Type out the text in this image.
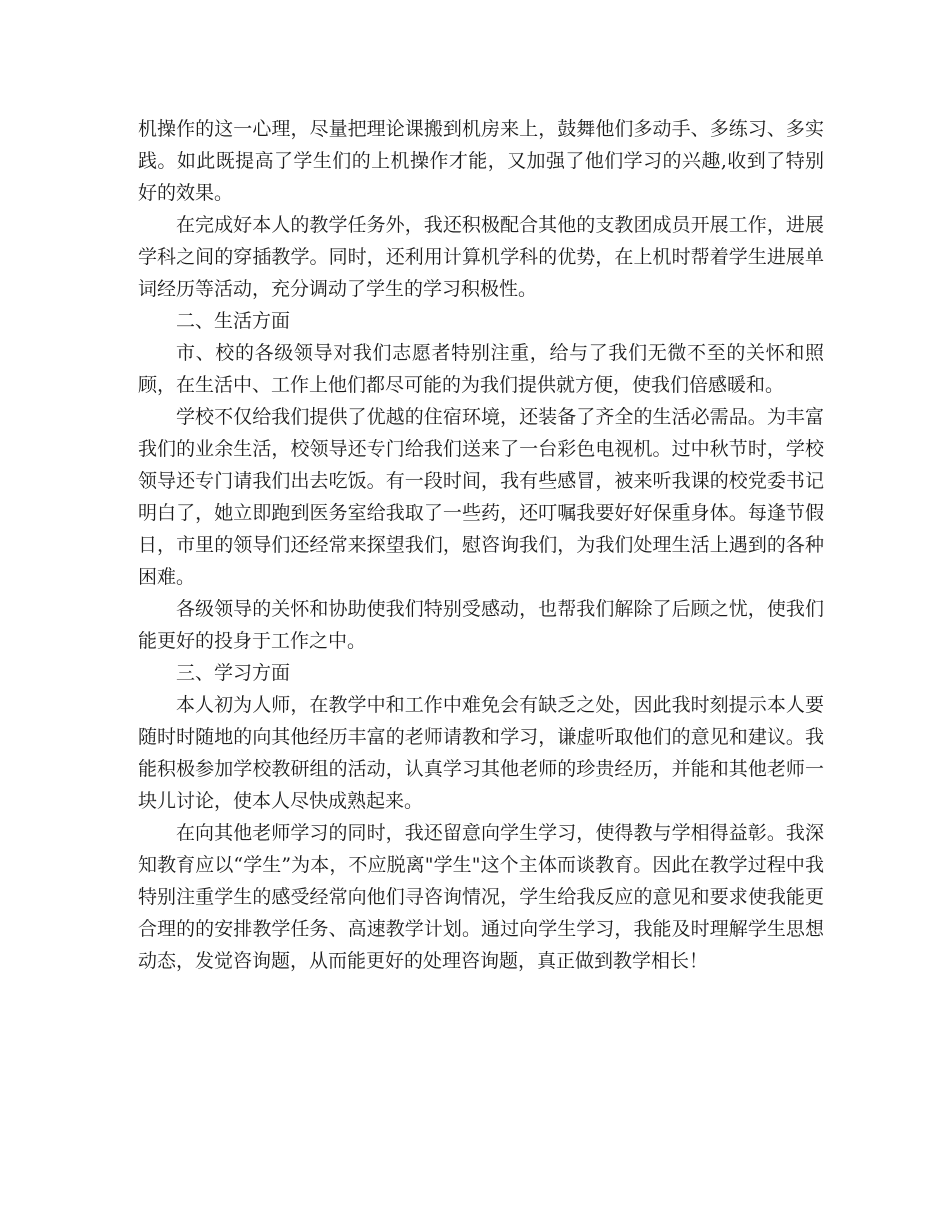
机操作的这一心理，尽量把理论课搬到机房来上，鼓舞他们多动手、多练习、多实践。如此既提高了学生们的上机操作才能，又加强了他们学习的兴趣,收到了特别好的效果。

在完成好本人的教学任务外，我还积极配合其他的支教团成员开展工作，进展学科之间的穿插教学。同时，还利用计算机学科的优势，在上机时帮着学生进展单词经历等活动，充分调动了学生的学习积极性。

二、生活方面

市、校的各级领导对我们志愿者特别注重，给与了我们无微不至的关怀和照顾，在生活中、工作上他们都尽可能的为我们提供就方便，使我们倍感暖和。

学校不仅给我们提供了优越的住宿环境，还装备了齐全的生活必需品。为丰富我们的业余生活，校领导还专门给我们送来了一台彩色电视机。过中秋节时，学校领导还专门请我们出去吃饭。有一段时间，我有些感冒，被来听我课的校党委书记明白了，她立即跑到医务室给我取了一些药，还叮嘱我要好好保重身体。每逢节假日，市里的领导们还经常来探望我们，慰咨询我们，为我们处理生活上遇到的各种困难。

各级领导的关怀和协助使我们特别受感动，也帮我们解除了后顾之忧，使我们能更好的投身于工作之中。

三、学习方面

本人初为人师，在教学中和工作中难免会有缺乏之处，因此我时刻提示本人要随时时随地的向其他经历丰富的老师请教和学习，谦虚听取他们的意见和建议。我能积极参加学校教研组的活动，认真学习其他老师的珍贵经历，并能和其他老师一块儿讨论，使本人尽快成熟起来。

在向其他老师学习的同时，我还留意向学生学习，使得教与学相得益彰。我深知教育应以“学生”为本，不应脱离"学生"这个主体而谈教育。因此在教学过程中我特别注重学生的感受经常向他们寻咨询情况，学生给我反应的意见和要求使我能更合理的的安排教学任务、高速教学计划。通过向学生学习，我能及时理解学生思想动态，发觉咨询题，从而能更好的处理咨询题，真正做到教学相长！
